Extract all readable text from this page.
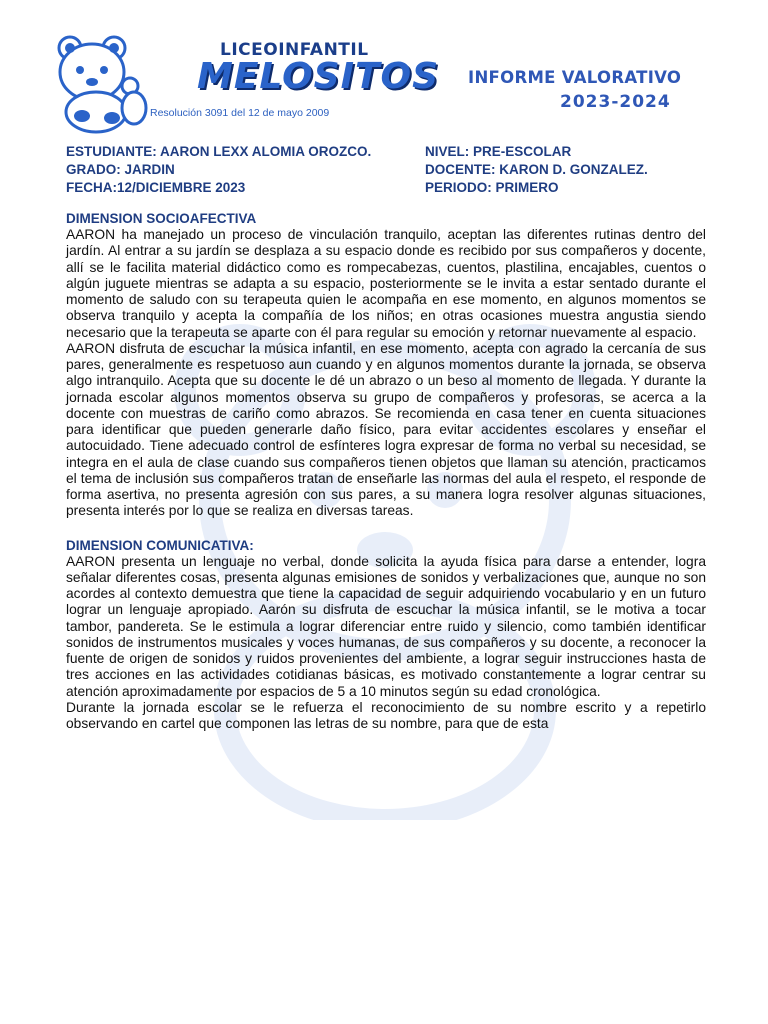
LICEOINFANTIL
MELOSITOS
Resolución 3091 del 12 de mayo 2009
INFORME VALORATIVO
2023-2024
ESTUDIANTE: AARON LEXX ALOMIA OROZCO.	NIVEL: PRE-ESCOLAR
GRADO: JARDIN	DOCENTE: KARON D. GONZALEZ.
FECHA:12/DICIEMBRE 2023	PERIODO: PRIMERO
DIMENSION SOCIOAFECTIVA

AARON ha manejado un proceso de vinculación tranquilo, aceptan las diferentes rutinas dentro del jardín. Al entrar a su jardín se desplaza a su espacio donde es recibido por sus compañeros y docente, allí se le facilita material didáctico como es rompecabezas, cuentos, plastilina, encajables, cuentos o algún juguete mientras se adapta a su espacio, posteriormente se le invita a estar sentado durante el momento de saludo con su terapeuta quien le acompaña en ese momento, en algunos momentos se observa tranquilo y acepta la compañía de los niños; en otras ocasiones muestra angustia siendo necesario que la terapeuta se aparte con él para regular su emoción y retornar nuevamente al espacio.

AARON disfruta de escuchar la música infantil, en ese momento, acepta con agrado la cercanía de sus pares, generalmente es respetuoso aun cuando y en algunos momentos durante la jornada, se observa algo intranquilo. Acepta que su docente le dé un abrazo o un beso al momento de llegada. Y durante la jornada escolar algunos momentos observa su grupo de compañeros y profesoras, se acerca a la docente con muestras de cariño como abrazos. Se recomienda en casa tener en cuenta situaciones para identificar que pueden generarle daño físico, para evitar accidentes escolares y enseñar el autocuidado. Tiene adecuado control de esfínteres logra expresar de forma no verbal su necesidad, se integra en el aula de clase cuando sus compañeros tienen objetos que llaman su atención, practicamos el tema de inclusión sus compañeros tratan de enseñarle las normas del aula el respeto, el responde de forma asertiva, no presenta agresión con sus pares, a su manera logra resolver algunas situaciones, presenta interés por lo que se realiza en diversas tareas.

DIMENSION COMUNICATIVA:

AARON presenta un lenguaje no verbal, donde solicita la ayuda física para darse a entender, logra señalar diferentes cosas, presenta algunas emisiones de sonidos y verbalizaciones que, aunque no son acordes al contexto demuestra que tiene la capacidad de seguir adquiriendo vocabulario y en un futuro lograr un lenguaje apropiado. Aarón su disfruta de escuchar la música infantil, se le motiva a tocar tambor, pandereta. Se le estimula a lograr diferenciar entre ruido y silencio, como también identificar sonidos de instrumentos musicales y voces humanas, de sus compañeros y su docente, a reconocer la fuente de origen de sonidos y ruidos provenientes del ambiente, a lograr seguir instrucciones hasta de tres acciones en las actividades cotidianas básicas, es motivado constantemente a lograr centrar su atención aproximadamente por espacios de 5 a 10 minutos según su edad cronológica.

Durante la jornada escolar se le refuerza el reconocimiento de su nombre escrito y a repetirlo observando en cartel que componen las letras de su nombre, para que de esta
